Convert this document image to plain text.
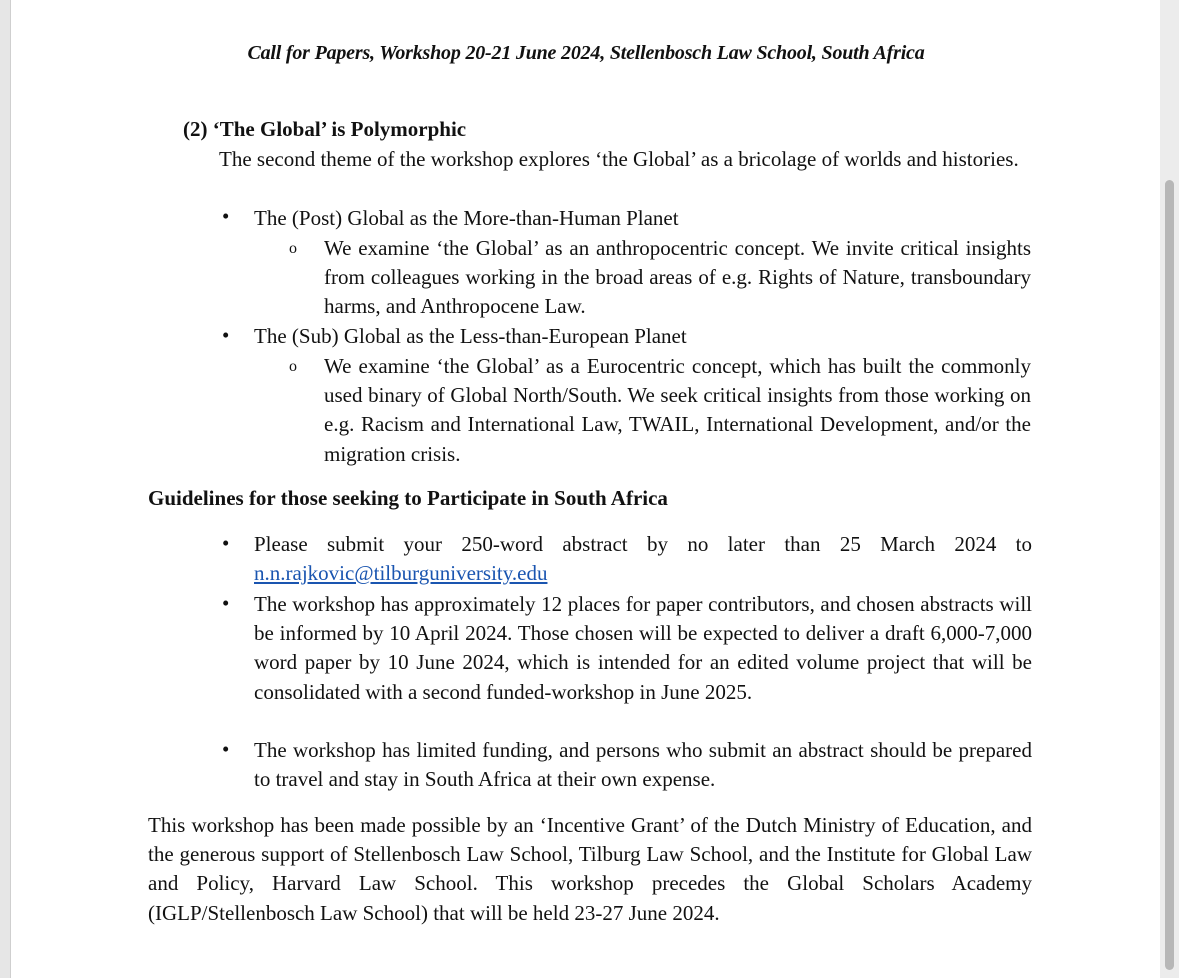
Call for Papers, Workshop 20-21 June 2024, Stellenbosch Law School, South Africa
(2) ‘The Global’ is Polymorphic
The second theme of the workshop explores ‘the Global’ as a bricolage of worlds and histories.
• The (Post) Global as the More-than-Human Planet
o We examine ‘the Global’ as an anthropocentric concept. We invite critical insights from colleagues working in the broad areas of e.g. Rights of Nature, transboundary harms, and Anthropocene Law.
• The (Sub) Global as the Less-than-European Planet
o We examine ‘the Global’ as a Eurocentric concept, which has built the commonly used binary of Global North/South. We seek critical insights from those working on e.g. Racism and International Law, TWAIL, International Development, and/or the migration crisis.
Guidelines for those seeking to Participate in South Africa
• Please submit your 250-word abstract by no later than 25 March 2024 to
n.n.rajkovic@tilburguniversity.edu
• The workshop has approximately 12 places for paper contributors, and chosen abstracts will be informed by 10 April 2024. Those chosen will be expected to deliver a draft 6,000-7,000 word paper by 10 June 2024, which is intended for an edited volume project that will be consolidated with a second funded-workshop in June 2025.
• The workshop has limited funding, and persons who submit an abstract should be prepared to travel and stay in South Africa at their own expense.
This workshop has been made possible by an ‘Incentive Grant’ of the Dutch Ministry of Education, and the generous support of Stellenbosch Law School, Tilburg Law School, and the Institute for Global Law and Policy, Harvard Law School. This workshop precedes the Global Scholars Academy (IGLP/Stellenbosch Law School) that will be held 23-27 June 2024.
